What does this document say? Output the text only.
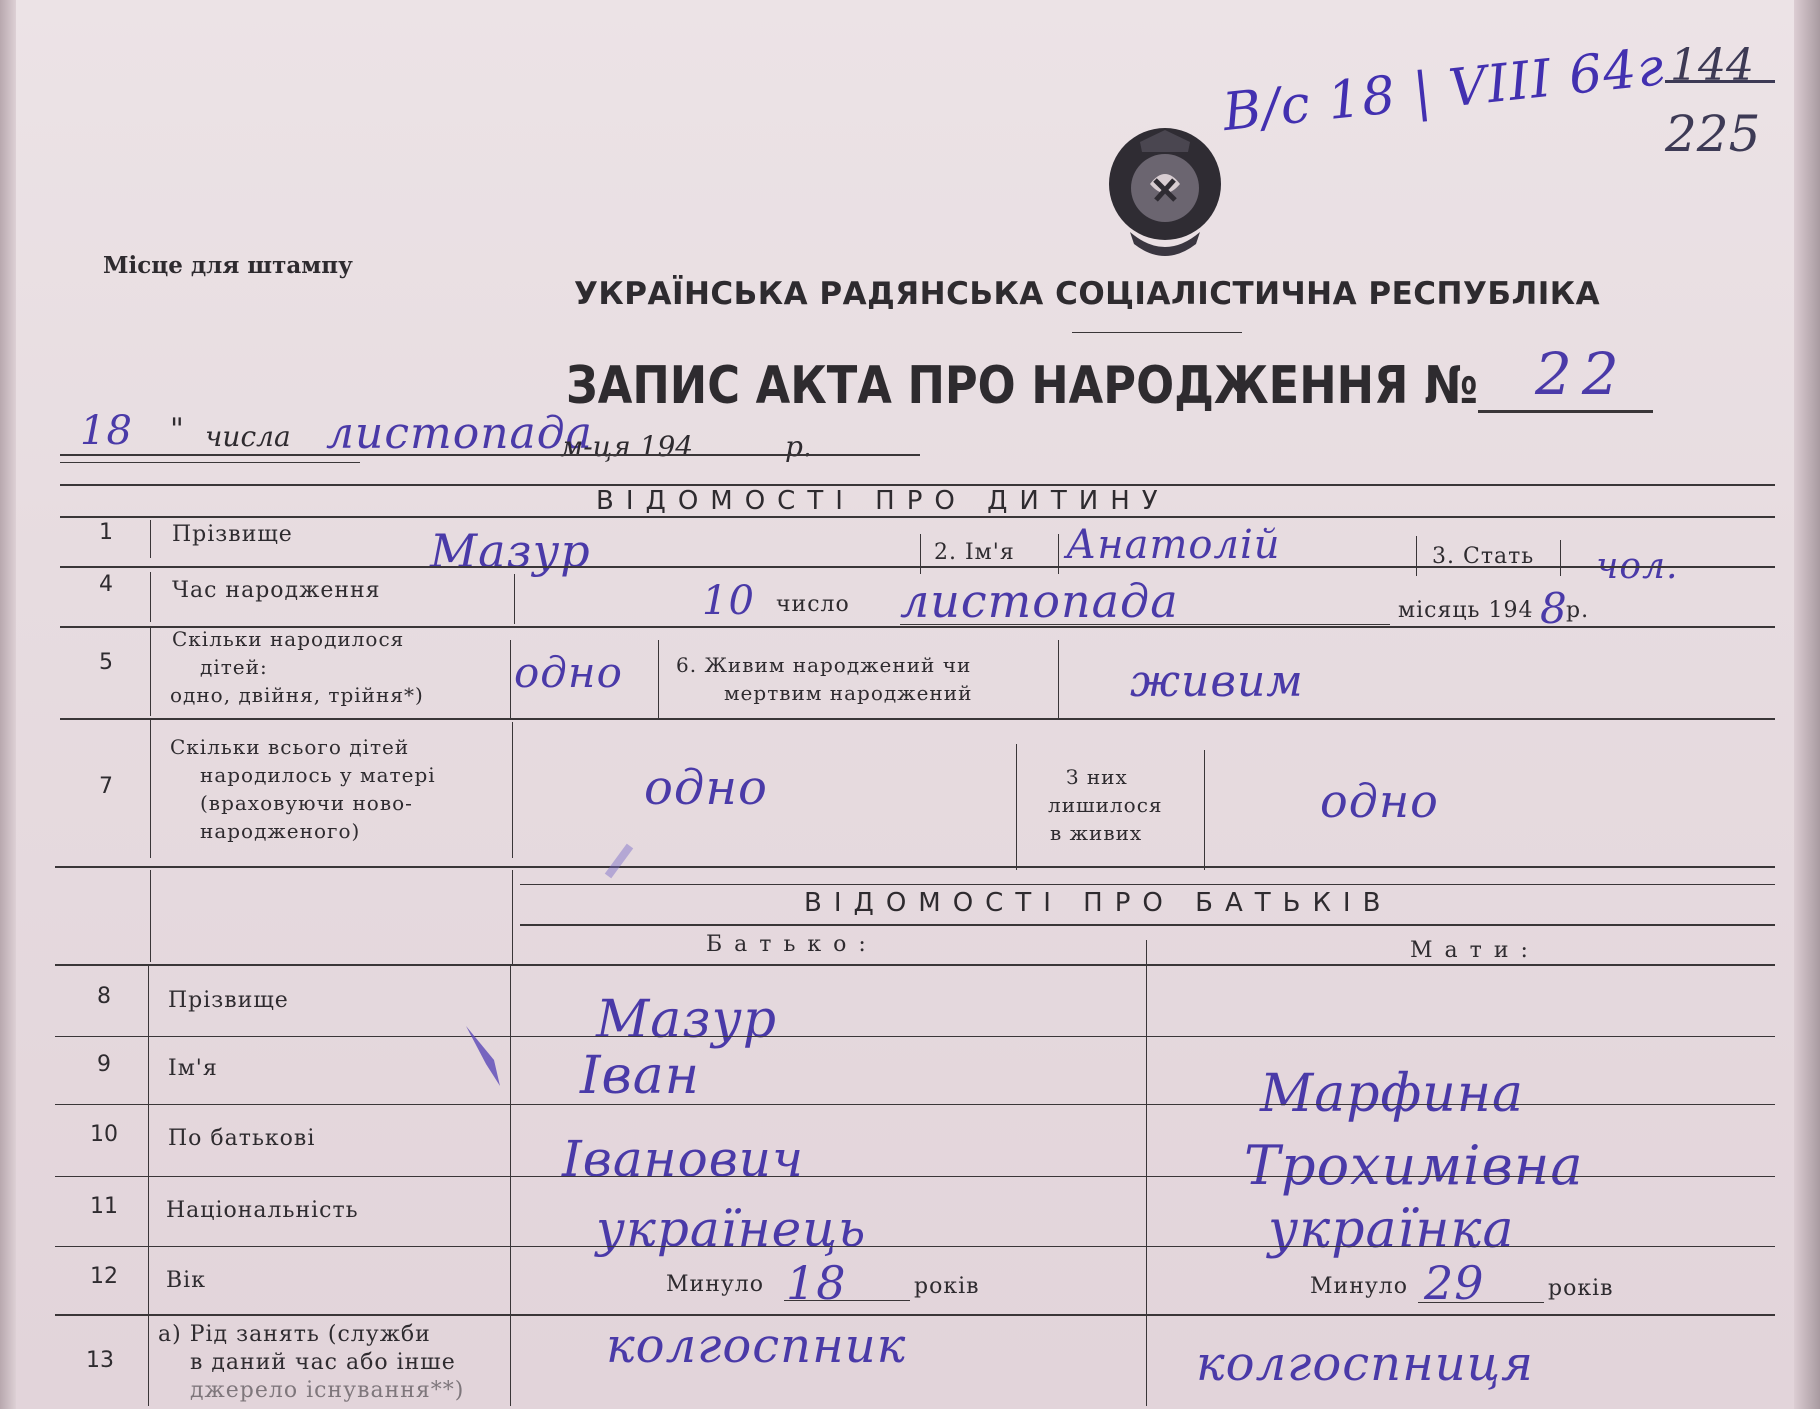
144
225
В/с 18 | VIII 64г
Місце для штампу
УКРАЇНСЬКА РАДЯНСЬКА СОЦІАЛІСТИЧНА РЕСПУБЛІКА
ЗАПИС АКТА ПРО НАРОДЖЕННЯ № 22
18 " числа листопада
м-ця 194	р.
ВІДОМОСТІ ПРО ДИТИНУ
1	Прізвище	Мазур	2. Ім'я Анатолій	3. Стать чол.
4	Час народження	10 число листопада	місяць 194 8
р.
5
Скільки народилося
дітей:
одно, двійня, трійня*) одно	6. Живим народжений чи
мертвим народжений	живим
7
Скільки всього дітей
народилось у матері
(враховуючи ново-
народженого)
одно	З них
лишилося
в живих
одно
ВІДОМОСТІ ПРО БАТЬКІВ
Батько:	Мати:
8	Прізвище	Мазур
9	Ім'я	Іван	Марфина
10 По батькові	Іванович	Трохимівна
11 Національність	українець	українка
12 Вік	Минуло 18	років	Минуло 29	років
13
а) Рід занять (служби
в даний час або інше
джерело існування**)
колгоспник	колгоспниця
